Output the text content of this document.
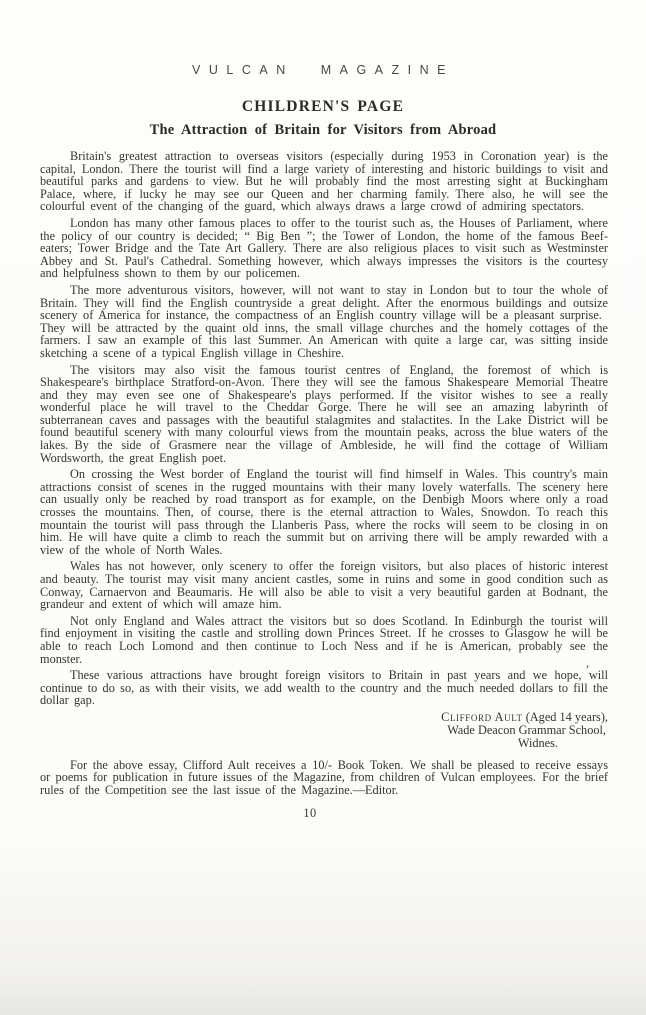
VULCAN MAGAZINE
CHILDREN'S PAGE
The Attraction of Britain for Visitors from Abroad

Britain's greatest attraction to overseas visitors (especially during 1953 in Coronation year) is the capital, London. There the tourist will find a large variety of interesting and historic buildings to visit and beautiful parks and gardens to view. But he will probably find the most arresting sight at Buckingham Palace, where, if lucky he may see our Queen and her charming family. There also, he will see the colourful event of the changing of the guard, which always draws a large crowd of admiring spectators.

London has many other famous places to offer to the tourist such as, the Houses of Parliament, where the policy of our country is decided; “ Big Ben ”; the Tower of London, the home of the famous Beef-eaters; Tower Bridge and the Tate Art Gallery. There are also religious places to visit such as Westminster Abbey and St. Paul's Cathedral. Something however, which always impresses the visitors is the courtesy and helpfulness shown to them by our policemen.

The more adventurous visitors, however, will not want to stay in London but to tour the whole of Britain. They will find the English countryside a great delight. After the enormous buildings and outsize scenery of America for instance, the compactness of an English country village will be a pleasant surprise. They will be attracted by the quaint old inns, the small village churches and the homely cottages of the farmers. I saw an example of this last Summer. An American with quite a large car, was sitting inside sketching a scene of a typical English village in Cheshire.

The visitors may also visit the famous tourist centres of England, the foremost of which is Shakespeare's birthplace Stratford-on-Avon. There they will see the famous Shakespeare Memorial Theatre and they may even see one of Shakespeare's plays performed. If the visitor wishes to see a really wonderful place he will travel to the Cheddar Gorge. There he will see an amazing labyrinth of subterranean caves and passages with the beautiful stalagmites and stalactites. In the Lake District will be found beautiful scenery with many colourful views from the mountain peaks, across the blue waters of the lakes. By the side of Grasmere near the village of Ambleside, he will find the cottage of William Wordsworth, the great English poet.

On crossing the West border of England the tourist will find himself in Wales. This country's main attractions consist of scenes in the rugged mountains with their many lovely waterfalls. The scenery here can usually only be reached by road transport as for example, on the Denbigh Moors where only a road crosses the mountains. Then, of course, there is the eternal attraction to Wales, Snowdon. To reach this mountain the tourist will pass through the Llanberis Pass, where the rocks will seem to be closing in on him. He will have quite a climb to reach the summit but on arriving there will be amply rewarded with a view of the whole of North Wales.

Wales has not however, only scenery to offer the foreign visitors, but also places of historic interest and beauty. The tourist may visit many ancient castles, some in ruins and some in good condition such as Conway, Carnaervon and Beaumaris. He will also be able to visit a very beautiful garden at Bodnant, the grandeur and extent of which will amaze him.

Not only England and Wales attract the visitors but so does Scotland. In Edinburgh the tourist will find enjoyment in visiting the castle and strolling down Princes Street. If he crosses to Glasgow he will be able to reach Loch Lomond and then continue to Loch Ness and if he is American, probably see the monster.

These various attractions have brought foreign visitors to Britain in past years and we hope, will continue to do so, as with their visits, we add wealth to the country and the much needed dollars to fill the dollar gap.

Clifford Ault (Aged 14 years),
Wade Deacon Grammar School,
Widnes.

For the above essay, Clifford Ault receives a 10/- Book Token. We shall be pleased to receive essays or poems for publication in future issues of the Magazine, from children of Vulcan employees. For the brief rules of the Competition see the last issue of the Magazine.—Editor.

10
,
